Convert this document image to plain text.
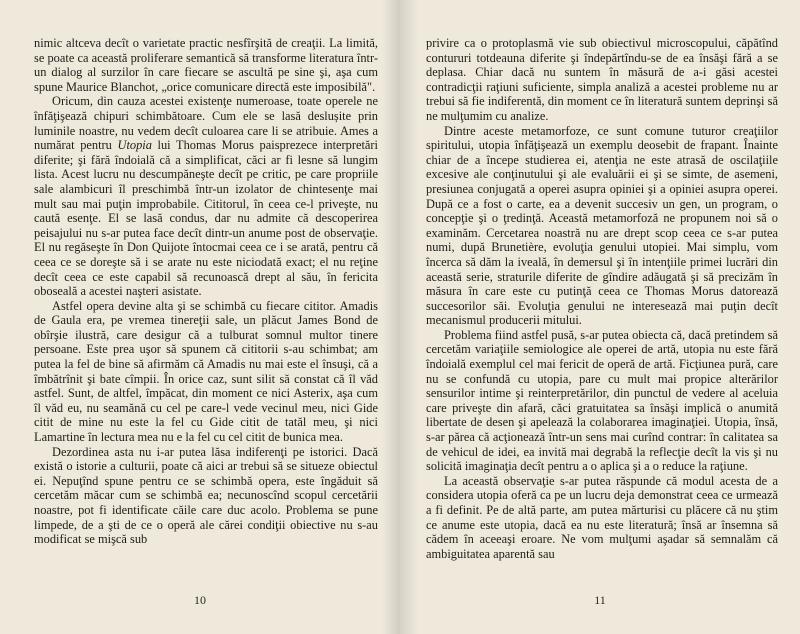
nimic altceva decît o varietate practic nesfîrşită de creaţii. La limită, se poate ca această proliferare semantică să transforme literatura într-un dialog al surzilor în care fiecare se ascultă pe sine şi, aşa cum spune Maurice Blanchot, „orice comunicare directă este imposibilă".

Oricum, din cauza acestei existenţe numeroase, toate operele ne înfăţişează chipuri schimbătoare. Cum ele se lasă deslușite prin luminile noastre, nu vedem decît culoarea care li se atribuie. Ames a numărat pentru Utopia lui Thomas Morus paisprezece interpretări diferite; şi fără îndoială că a simplificat, căci ar fi lesne să lungim lista. Acest lucru nu descumpăneşte decît pe critic, pe care propriile sale alambicuri îl preschimbă într-un izolator de chintesenţe mai mult sau mai puţin improbabile. Cititorul, în ceea ce-l priveşte, nu caută esenţe. El se lasă condus, dar nu admite că descoperirea peisajului nu s-ar putea face decît dintr-un anume post de observaţie. El nu regăseşte în Don Quijote întocmai ceea ce i se arată, pentru că ceea ce se doreşte să i se arate nu este niciodată exact; el nu reţine decît ceea ce este capabil să recunoască drept al său, în fericita oboseală a acestei naşteri asistate.

Astfel opera devine alta şi se schimbă cu fiecare cititor. Amadis de Gaula era, pe vremea tinereţii sale, un plăcut James Bond de obîrşie ilustră, care desigur că a tulburat somnul multor tinere persoane. Este prea uşor să spunem că cititorii s-au schimbat; am putea la fel de bine să afirmăm că Amadis nu mai este el însuşi, că a îmbătrînit şi bate cîmpii. În orice caz, sunt silit să constat că îl văd astfel. Sunt, de altfel, împăcat, din moment ce nici Asterix, aşa cum îl văd eu, nu seamănă cu cel pe care-l vede vecinul meu, nici Gide citit de mine nu este la fel cu Gide citit de tatăl meu, şi nici Lamartine în lectura mea nu e la fel cu cel citit de bunica mea.

Dezordinea asta nu i-ar putea lăsa indiferenţi pe istorici. Dacă există o istorie a culturii, poate că aici ar trebui să se situeze obiectul ei. Nepuţînd spune pentru ce se schimbă opera, este îngăduit să cercetăm măcar cum se schimbă ea; necunoscînd scopul cercetării noastre, pot fi identificate căile care duc acolo. Problema se pune limpede, de a şti de ce o operă ale cărei condiţii obiective nu s-au modificat se mişcă sub

10

privire ca o protoplasmă vie sub obiectivul microscopului, căpătînd contururi totdeauna diferite şi îndepărtîndu-se de ea însăşi fără a se deplasa. Chiar dacă nu suntem în măsură de a-i găsi acestei contradicţii raţiuni suficiente, simpla analiză a acestei probleme nu ar trebui să fie indiferentă, din moment ce în literatură suntem deprinşi să ne mulţumim cu analize.

Dintre aceste metamorfoze, ce sunt comune tuturor creaţiilor spiritului, utopia înfăţişează un exemplu deosebit de frapant. Înainte chiar de a începe studierea ei, atenţia ne este atrasă de oscilaţiile excesive ale conţinutului şi ale evaluării ei şi se simte, de asemeni, presiunea conjugată a operei asupra opiniei şi a opiniei asupra operei. După ce a fost o carte, ea a devenit succesiv un gen, un program, o concepţie şi o ţredinţă. Această metamorfoză ne propunem noi să o examinăm. Cercetarea noastră nu are drept scop ceea ce s-ar putea numi, după Brunetière, evoluţia genului utopiei. Mai simplu, vom încerca să dăm la iveală, în demersul şi în intenţiile primei lucrări din această serie, straturile diferite de gîndire adăugată şi să precizăm în măsura în care este cu putinţă ceea ce Thomas Morus datorează succesorilor săi. Evoluţia genului ne interesează mai puţin decît mecanismul producerii mitului.

Problema fiind astfel pusă, s-ar putea obiecta că, dacă pretindem să cercetăm variaţiile semiologice ale operei de artă, utopia nu este fără îndoială exemplul cel mai fericit de operă de artă. Ficţiunea pură, care nu se confundă cu utopia, pare cu mult mai propice alterărilor sensurilor intime şi reinterpretărilor, din punctul de vedere al aceluia care priveşte din afară, căci gratuitatea sa însăşi implică o anumită libertate de desen şi apelează la colaborarea imaginaţiei. Utopia, însă, s-ar părea că acţionează într-un sens mai curînd contrar: în calitatea sa de vehicul de idei, ea invită mai degrabă la reflecţie decît la vis şi nu solicită imaginaţia decît pentru a o aplica şi a o reduce la raţiune.

La această observaţie s-ar putea răspunde că modul acesta de a considera utopia oferă ca pe un lucru deja demonstrat ceea ce urmează a fi definit. Pe de altă parte, am putea mărturisi cu plăcere că nu ştim ce anume este utopia, dacă ea nu este literatură; însă ar însemna să cădem în aceeaşi eroare. Ne vom mulţumi aşadar să semnalăm că ambiguitatea aparentă sau

11
